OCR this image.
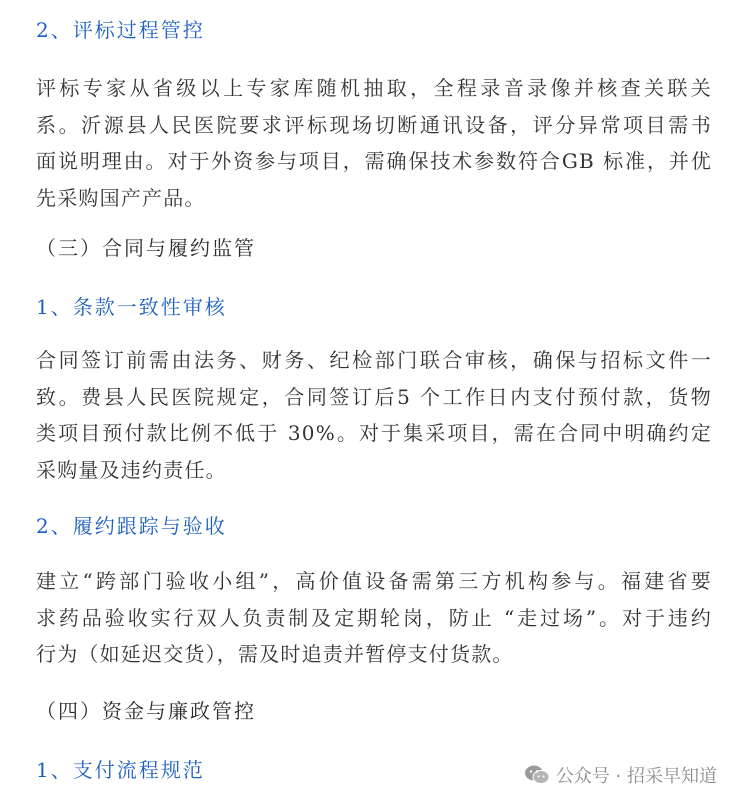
2、评标过程管控
评标专家从省级以上专家库随机抽取，全程录音录像并核查关联关
系。沂源县人民医院要求评标现场切断通讯设备，评分异常项目需书
面说明理由。对于外资参与项目，需确保技术参数符合GB 标准，并优
先采购国产产品。
（三）合同与履约监管
1、条款一致性审核
合同签订前需由法务、财务、纪检部门联合审核，确保与招标文件一
致。费县人民医院规定，合同签订后5 个工作日内支付预付款，货物
类项目预付款比例不低于 30%。对于集采项目，需在合同中明确约定
采购量及违约责任。
2、履约跟踪与验收
建立“跨部门验收小组”，高价值设备需第三方机构参与。福建省要
求药品验收实行双人负责制及定期轮岗，防止 “走过场”。对于违约
行为（如延迟交货），需及时追责并暂停支付货款。
（四）资金与廉政管控
1、支付流程规范	公众号 · 招采早知道
